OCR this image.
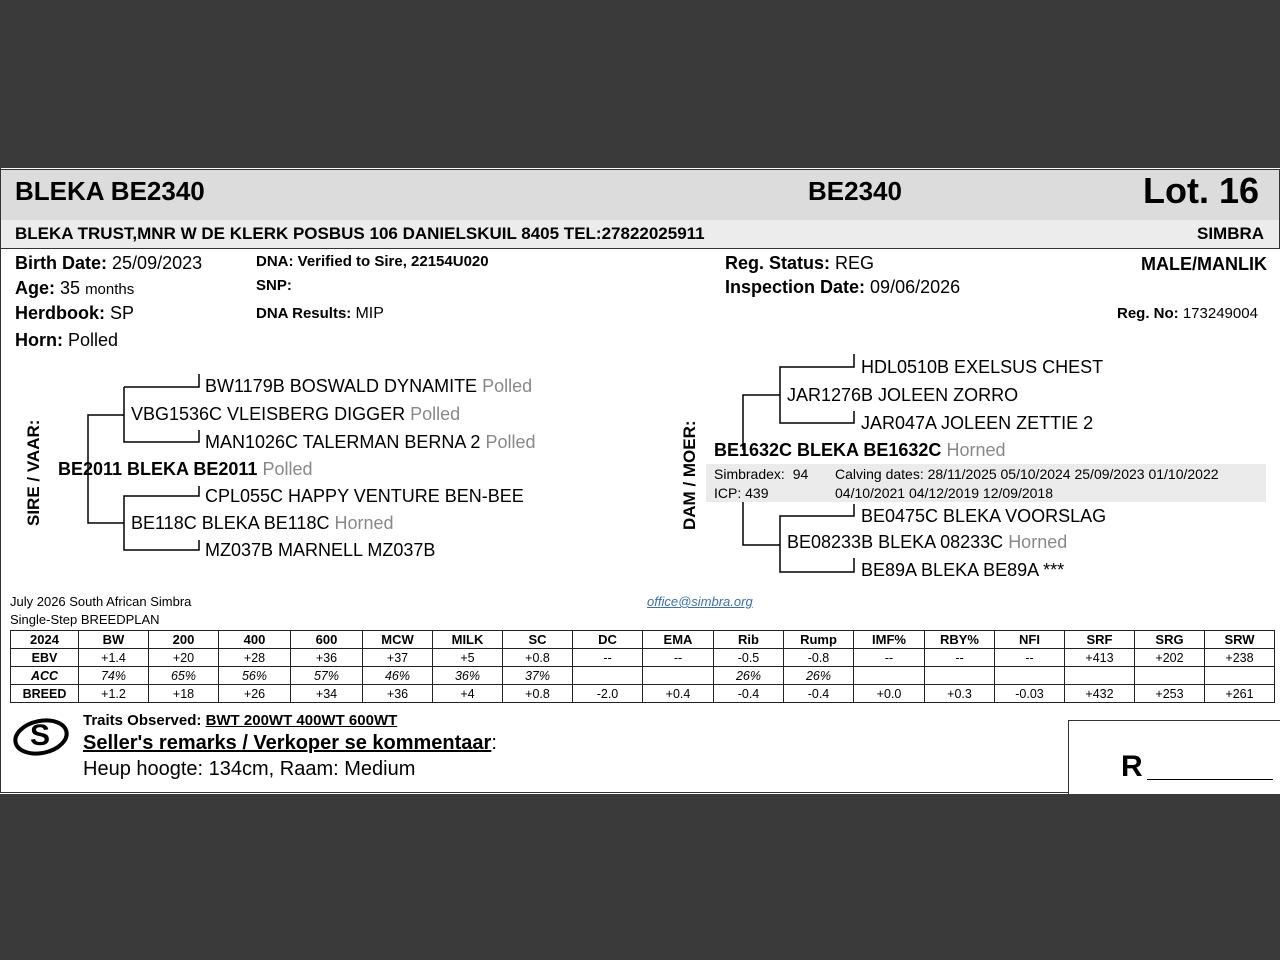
BLEKA BE2340	BE2340	Lot. 16
BLEKA TRUST,MNR W DE KLERK POSBUS 106 DANIELSKUIL 8405 TEL:27822025911	SIMBRA
Birth Date: 25/09/2023
Age: 35 months
Herdbook: SP
Horn: Polled
DNA: Verified to Sire, 22154U020
SNP:
DNA Results: MIP
Reg. Status: REG
Inspection Date: 09/06/2026
MALE/MANLIK
Reg. No: 173249004
SIRE / VAAR:
BW1179B BOSWALD DYNAMITE Polled
VBG1536C VLEISBERG DIGGER Polled
MAN1026C TALERMAN BERNA 2 Polled
BE2011 BLEKA BE2011 Polled
CPL055C HAPPY VENTURE BEN-BEE
BE118C BLEKA BE118C Horned
MZ037B MARNELL MZ037B
DAM / MOER:
HDL0510B EXELSUS CHEST
JAR1276B JOLEEN ZORRO
JAR047A JOLEEN ZETTIE 2
BE1632C BLEKA BE1632C Horned
Simbradex: 94
ICP: 439
Calving dates: 28/11/2025 05/10/2024 25/09/2023 01/10/2022
04/10/2021 04/12/2019 12/09/2018
BE0475C BLEKA VOORSLAG
BE08233B BLEKA 08233C Horned
BE89A BLEKA BE89A ***
July 2026 South African Simbra
Single-Step BREEDPLAN
office@simbra.org
2024	BW	200	400	600	MCW	MILK	SC	DC	EMA	Rib	Rump	IMF%	RBY%	NFI	SRF	SRG	SRW
EBV	+1.4	+20	+28	+36	+37	+5	+0.8	--	--	-0.5	-0.8	--	--	--	+413	+202	+238
ACC	74%	65%	56%	57%	46%	36%	37%			26%	26%						
BREED	+1.2	+18	+26	+34	+36	+4	+0.8	-2.0	+0.4	-0.4	-0.4	+0.0	+0.3	-0.03	+432	+253	+261
S Traits Observed: BWT 200WT 400WT 600WT
Seller's remarks / Verkoper se kommentaar:
Heup hoogte: 134cm, Raam: Medium	R
